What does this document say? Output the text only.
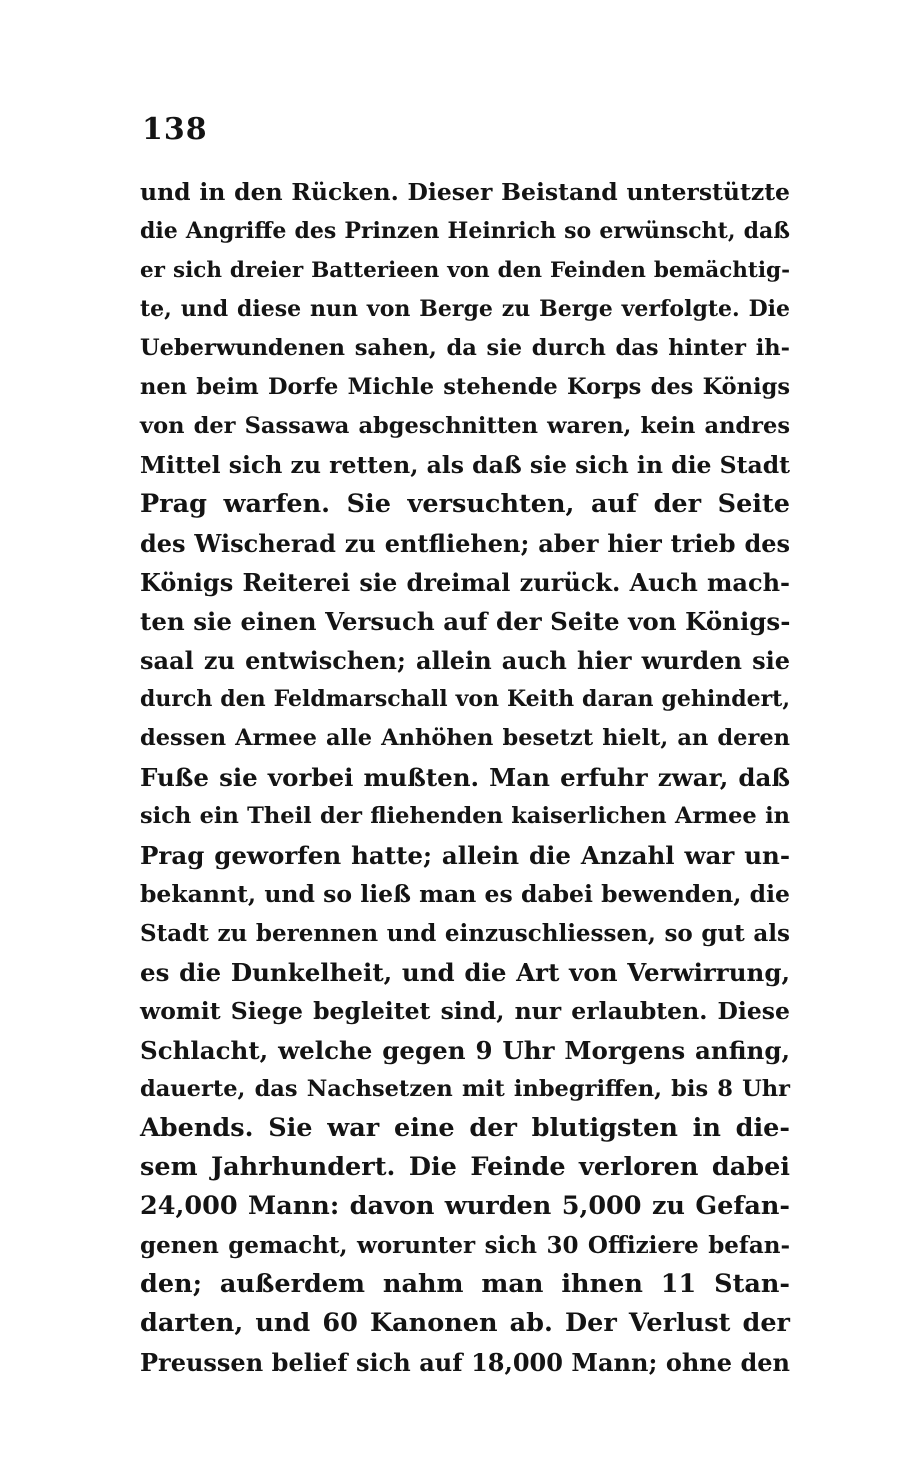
138
und in den Rücken. Dieser Beistand unterstützte
die Angriffe des Prinzen Heinrich so erwünscht, daß
er sich dreier Batterieen von den Feinden bemächtig-
te, und diese nun von Berge zu Berge verfolgte. Die
Ueberwundenen sahen, da sie durch das hinter ih-
nen beim Dorfe Michle stehende Korps des Königs
von der Sassawa abgeschnitten waren, kein andres
Mittel sich zu retten, als daß sie sich in die Stadt
Prag warfen. Sie versuchten, auf der Seite
des Wischerad zu entfliehen; aber hier trieb des
Königs Reiterei sie dreimal zurück. Auch mach-
ten sie einen Versuch auf der Seite von Königs-
saal zu entwischen; allein auch hier wurden sie
durch den Feldmarschall von Keith daran gehindert,
dessen Armee alle Anhöhen besetzt hielt, an deren
Fuße sie vorbei mußten. Man erfuhr zwar, daß
sich ein Theil der fliehenden kaiserlichen Armee in
Prag geworfen hatte; allein die Anzahl war un-
bekannt, und so ließ man es dabei bewenden, die
Stadt zu berennen und einzuschliessen, so gut als
es die Dunkelheit, und die Art von Verwirrung,
womit Siege begleitet sind, nur erlaubten. Diese
Schlacht, welche gegen 9 Uhr Morgens anfing,
dauerte, das Nachsetzen mit inbegriffen, bis 8 Uhr
Abends. Sie war eine der blutigsten in die-
sem Jahrhundert. Die Feinde verloren dabei
24,000 Mann: davon wurden 5,000 zu Gefan-
genen gemacht, worunter sich 30 Offiziere befan-
den; außerdem nahm man ihnen 11 Stan-
darten, und 60 Kanonen ab. Der Verlust der
Preussen belief sich auf 18,000 Mann; ohne den
